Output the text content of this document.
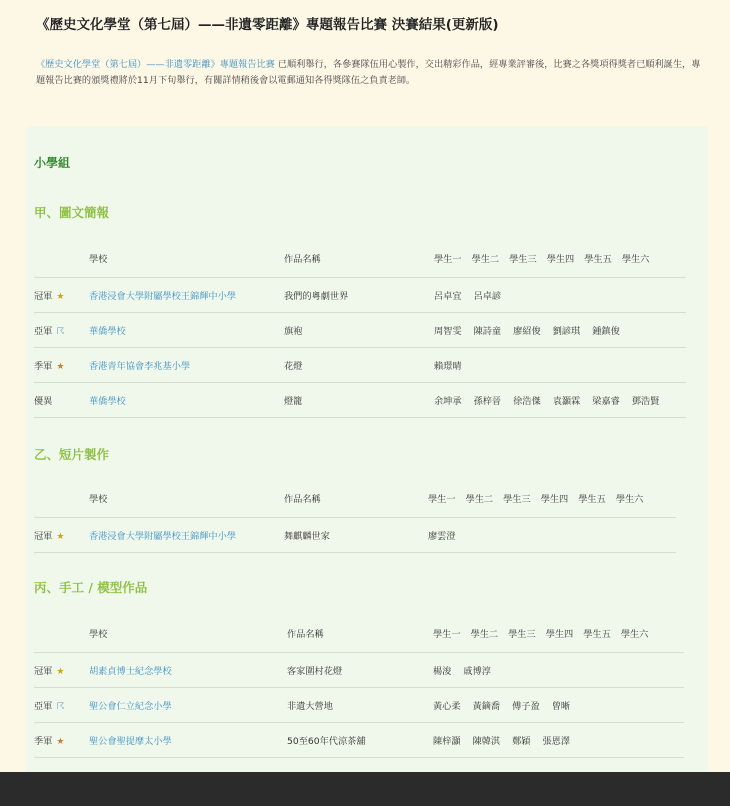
《歷史文化學堂（第七屆）——非遺零距離》專題報告比賽 決賽結果(更新版)
《歷史文化學堂（第七屆）——非遺零距離》專題報告比賽 已順利舉行，各參賽隊伍用心製作，交出精彩作品，經專業評審後，比賽之各獎項得獎者已順利誕生，專題報告比賽的頒獎禮將於11月下旬舉行，有關詳情稍後會以電郵通知各得獎隊伍之負責老師。
小學組
甲、圖文簡報
	學校	作品名稱	學生一 學生二 學生三 學生四 學生五 學生六
冠軍 ★	香港浸會大學附屬學校王錦輝中小學	我們的粵劇世界	呂卓宜 呂卓諺
亞軍 ☈	華僑學校	旗袍	周智雯 陳詩童 廖紹俊 劉諺琪 鍾鎮俊
季軍 ★	香港青年協會李兆基小學	花燈	賴璟晴
優異	華僑學校	燈籠	余坤承 孫梓晉 徐浩傑 袁灝霖 梁嘉睿 鄧浩賢
乙、短片製作
	學校	作品名稱	學生一 學生二 學生三 學生四 學生五 學生六
冠軍 ★	香港浸會大學附屬學校王錦輝中小學	舞麒麟世家	廖雲澄
丙、手工 / 模型作品
	學校	作品名稱	學生一 學生二 學生三 學生四 學生五 學生六
冠軍 ★	胡素貞博士紀念學校	客家圍村花燈	楊浚 戚博淳
亞軍 ☈	聖公會仁立紀念小學	非遺大營地	黃心柔 黃鏑喬 傅子盈 曾晰
季軍 ★	聖公會聖提摩太小學	50至60年代涼茶舖	陳梓灝 陳韓淇 鄭穎 張恩澤
